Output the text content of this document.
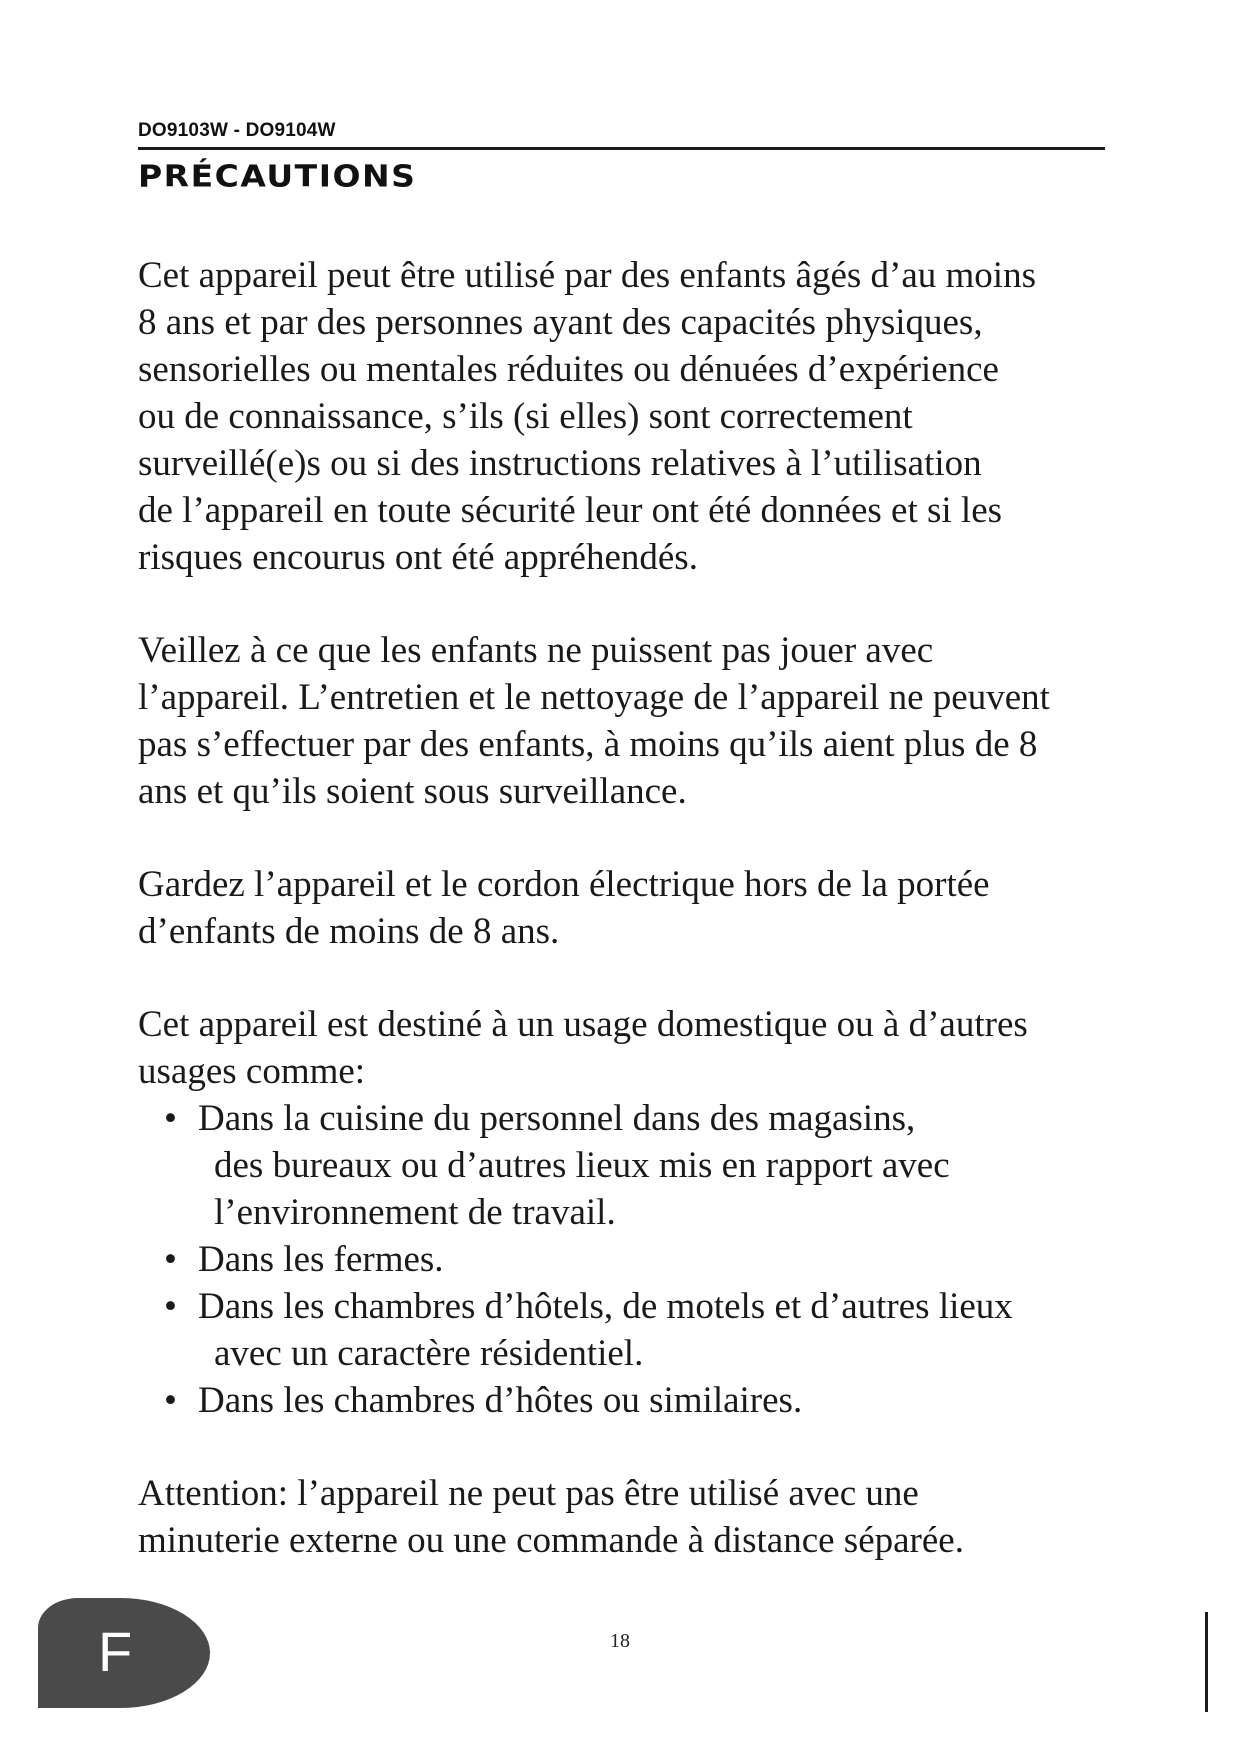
DO9103W - DO9104W
PRÉCAUTIONS

Cet appareil peut être utilisé par des enfants âgés d’au moins
8 ans et par des personnes ayant des capacités physiques,
sensorielles ou mentales réduites ou dénuées d’expérience
ou de connaissance, s’ils (si elles) sont correctement
surveillé(e)s ou si des instructions relatives à l’utilisation
de l’appareil en toute sécurité leur ont été données et si les
risques encourus ont été appréhendés.

Veillez à ce que les enfants ne puissent pas jouer avec
l’appareil. L’entretien et le nettoyage de l’appareil ne peuvent
pas s’effectuer par des enfants, à moins qu’ils aient plus de 8
ans et qu’ils soient sous surveillance.

Gardez l’appareil et le cordon électrique hors de la portée
d’enfants de moins de 8 ans.

Cet appareil est destiné à un usage domestique ou à d’autres
usages comme:

• Dans la cuisine du personnel dans des magasins,
des bureaux ou d’autres lieux mis en rapport avec
l’environnement de travail.
• Dans les fermes.
• Dans les chambres d’hôtels, de motels et d’autres lieux
avec un caractère résidentiel.
• Dans les chambres d’hôtes ou similaires.

Attention: l’appareil ne peut pas être utilisé avec une
minuterie externe ou une commande à distance séparée.

F	18
